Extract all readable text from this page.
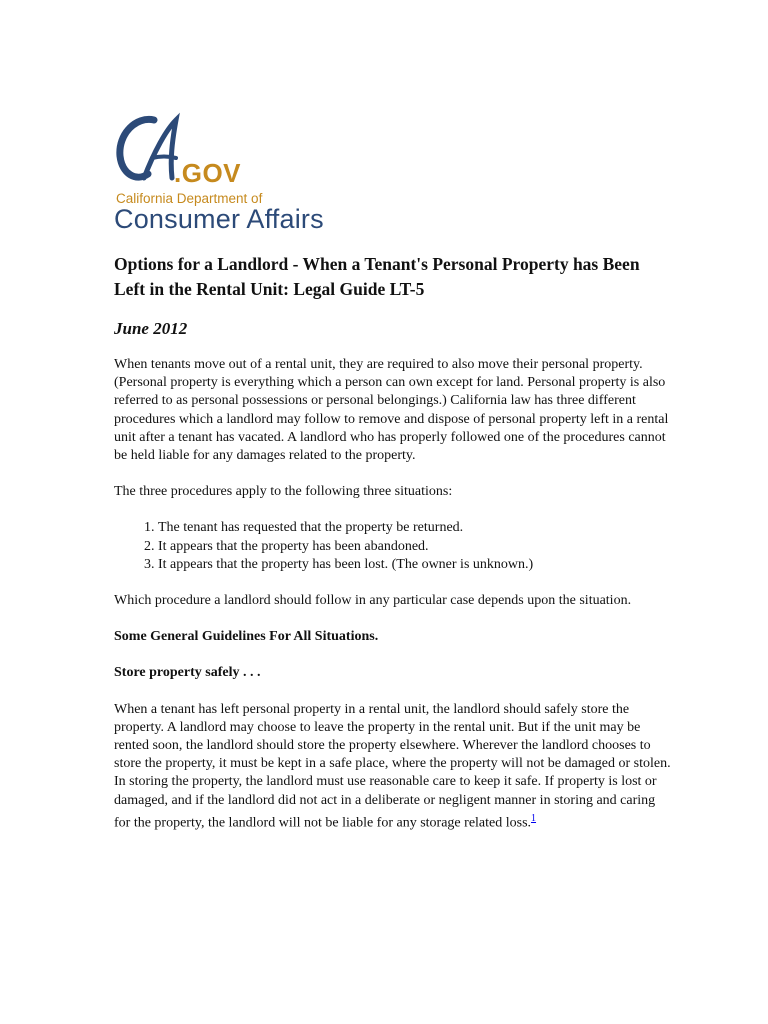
.GOV
California Department of
Consumer Affairs
Options for a Landlord - When a Tenant's Personal Property has Been Left in the Rental Unit: Legal Guide LT-5
June 2012

When tenants move out of a rental unit, they are required to also move their personal property. (Personal property is everything which a person can own except for land. Personal property is also referred to as personal possessions or personal belongings.) California law has three different procedures which a landlord may follow to remove and dispose of personal property left in a rental unit after a tenant has vacated. A landlord who has properly followed one of the procedures cannot be held liable for any damages related to the property.

The three procedures apply to the following three situations:

1. The tenant has requested that the property be returned.
2. It appears that the property has been abandoned.
3. It appears that the property has been lost. (The owner is unknown.)

Which procedure a landlord should follow in any particular case depends upon the situation.

Some General Guidelines For All Situations.

Store property safely . . .

When a tenant has left personal property in a rental unit, the landlord should safely store the property. A landlord may choose to leave the property in the rental unit. But if the unit may be rented soon, the landlord should store the property elsewhere. Wherever the landlord chooses to store the property, it must be kept in a safe place, where the property will not be damaged or stolen. In storing the property, the landlord must use reasonable care to keep it safe. If property is lost or damaged, and if the landlord did not act in a deliberate or negligent manner in storing and caring for the property, the landlord will not be liable for any storage related loss.$^1$
